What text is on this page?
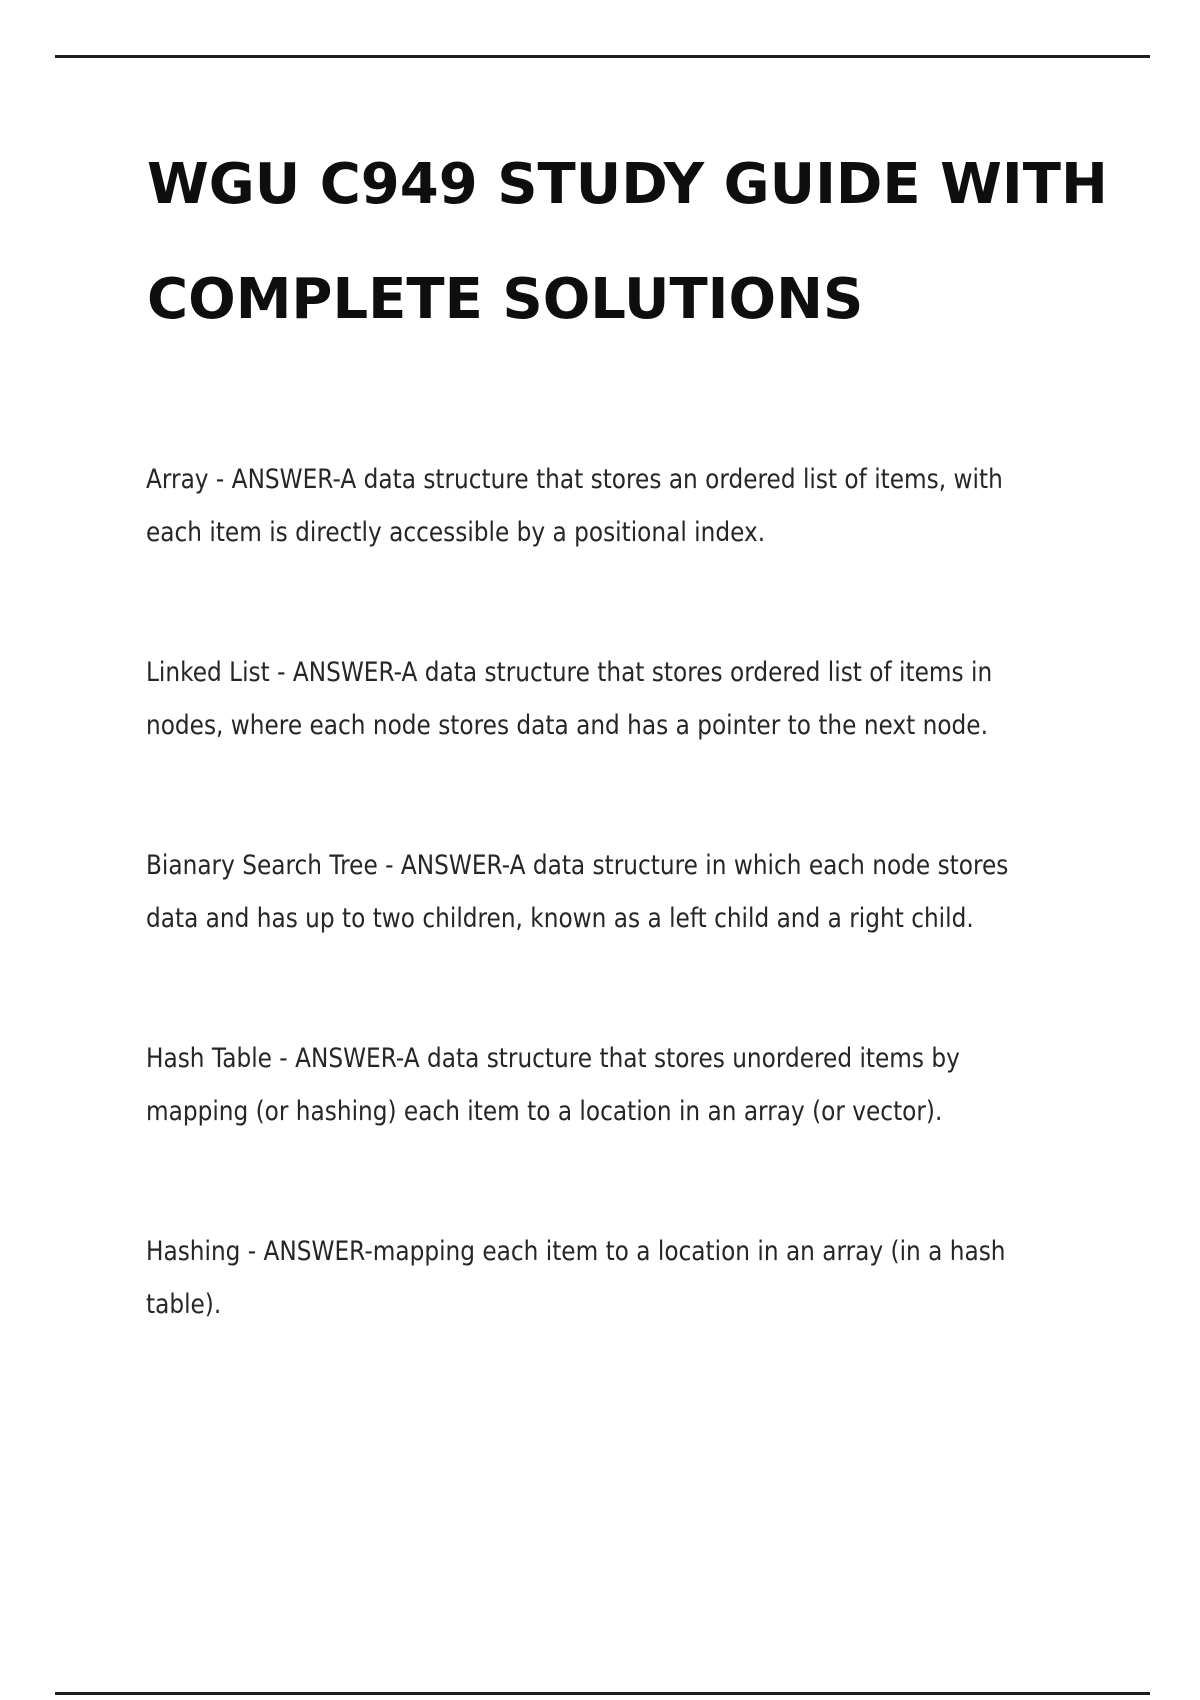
WGU C949 STUDY GUIDE WITH COMPLETE SOLUTIONS

Array - ANSWER-A data structure that stores an ordered list of items, with
each item is directly accessible by a positional index.

Linked List - ANSWER-A data structure that stores ordered list of items in
nodes, where each node stores data and has a pointer to the next node.

Bianary Search Tree - ANSWER-A data structure in which each node stores
data and has up to two children, known as a left child and a right child.

Hash Table - ANSWER-A data structure that stores unordered items by
mapping (or hashing) each item to a location in an array (or vector).

Hashing - ANSWER-mapping each item to a location in an array (in a hash
table).
